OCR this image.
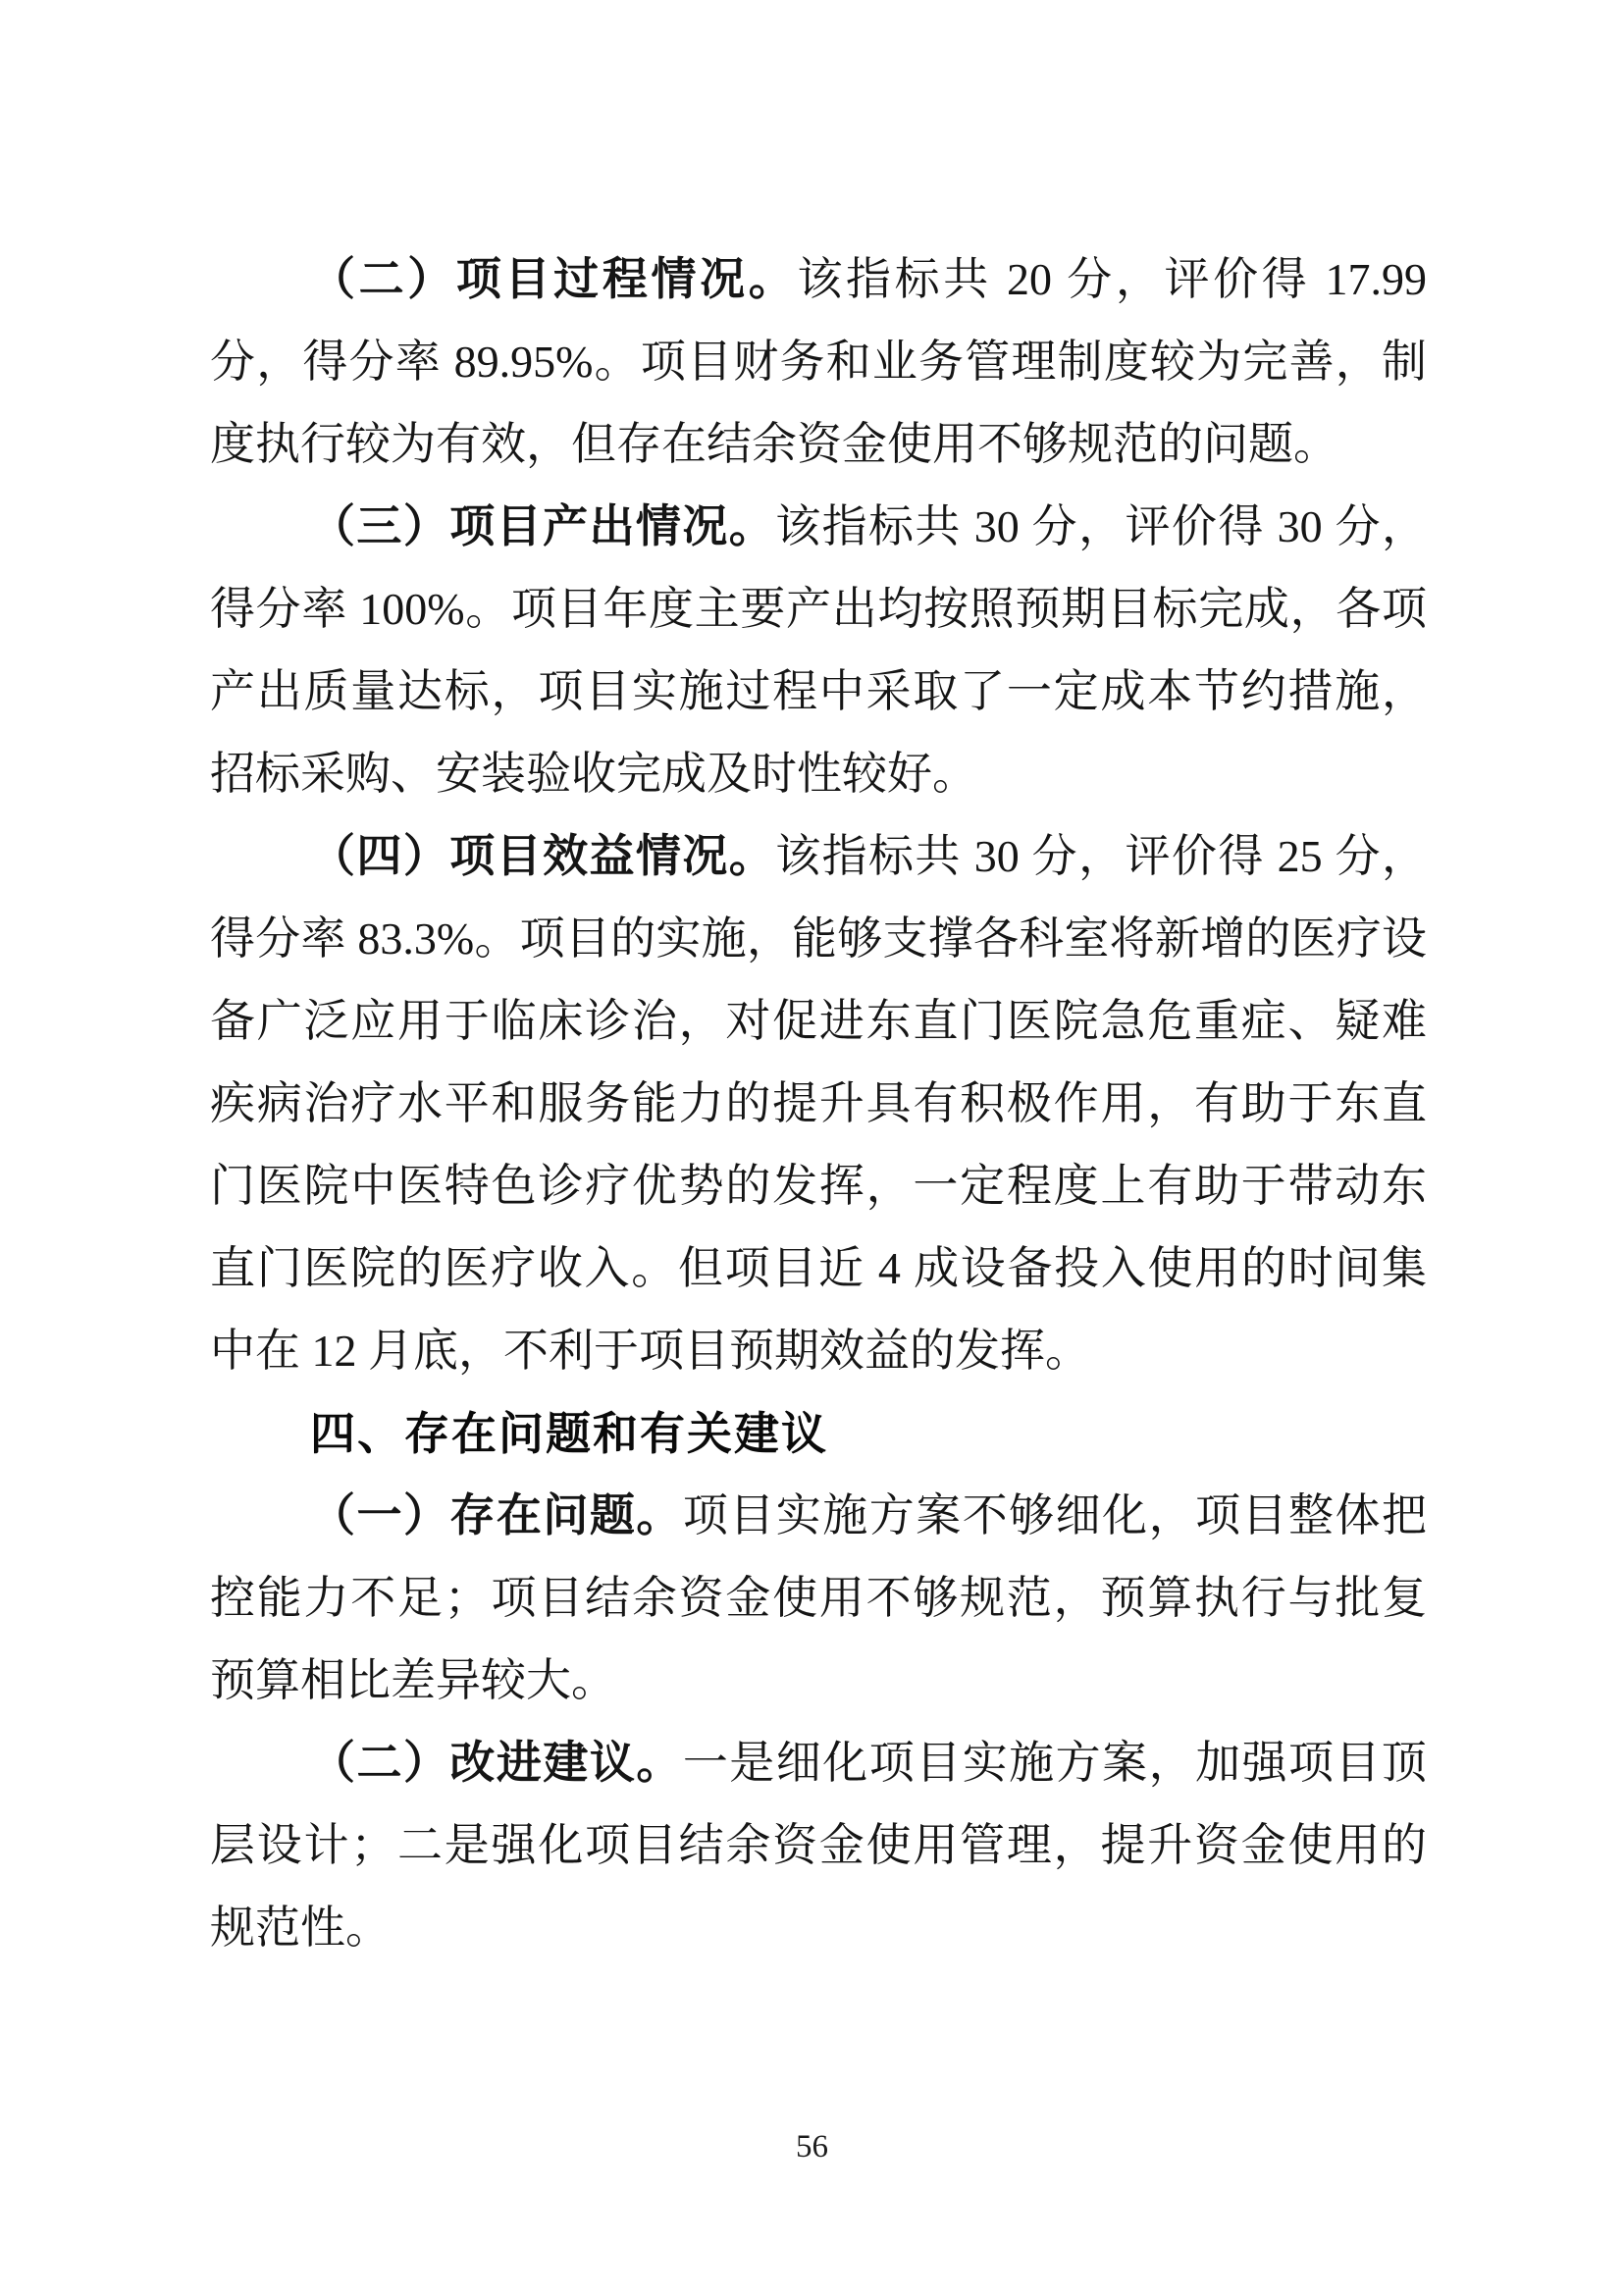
（二）项目过程情况。该指标共 20 分，评价得 17.99 分，得分率 89.95%。项目财务和业务管理制度较为完善，制度执行较为有效，但存在结余资金使用不够规范的问题。

（三）项目产出情况。该指标共 30 分，评价得 30 分，得分率 100%。项目年度主要产出均按照预期目标完成，各项产出质量达标，项目实施过程中采取了一定成本节约措施，招标采购、安装验收完成及时性较好。

（四）项目效益情况。该指标共 30 分，评价得 25 分，得分率 83.3%。项目的实施，能够支撑各科室将新增的医疗设备广泛应用于临床诊治，对促进东直门医院急危重症、疑难疾病治疗水平和服务能力的提升具有积极作用，有助于东直门医院中医特色诊疗优势的发挥，一定程度上有助于带动东直门医院的医疗收入。但项目近 4 成设备投入使用的时间集中在 12 月底，不利于项目预期效益的发挥。

四、存在问题和有关建议

（一）存在问题。项目实施方案不够细化，项目整体把控能力不足；项目结余资金使用不够规范，预算执行与批复预算相比差异较大。

（二）改进建议。一是细化项目实施方案，加强项目顶层设计；二是强化项目结余资金使用管理，提升资金使用的规范性。

56
